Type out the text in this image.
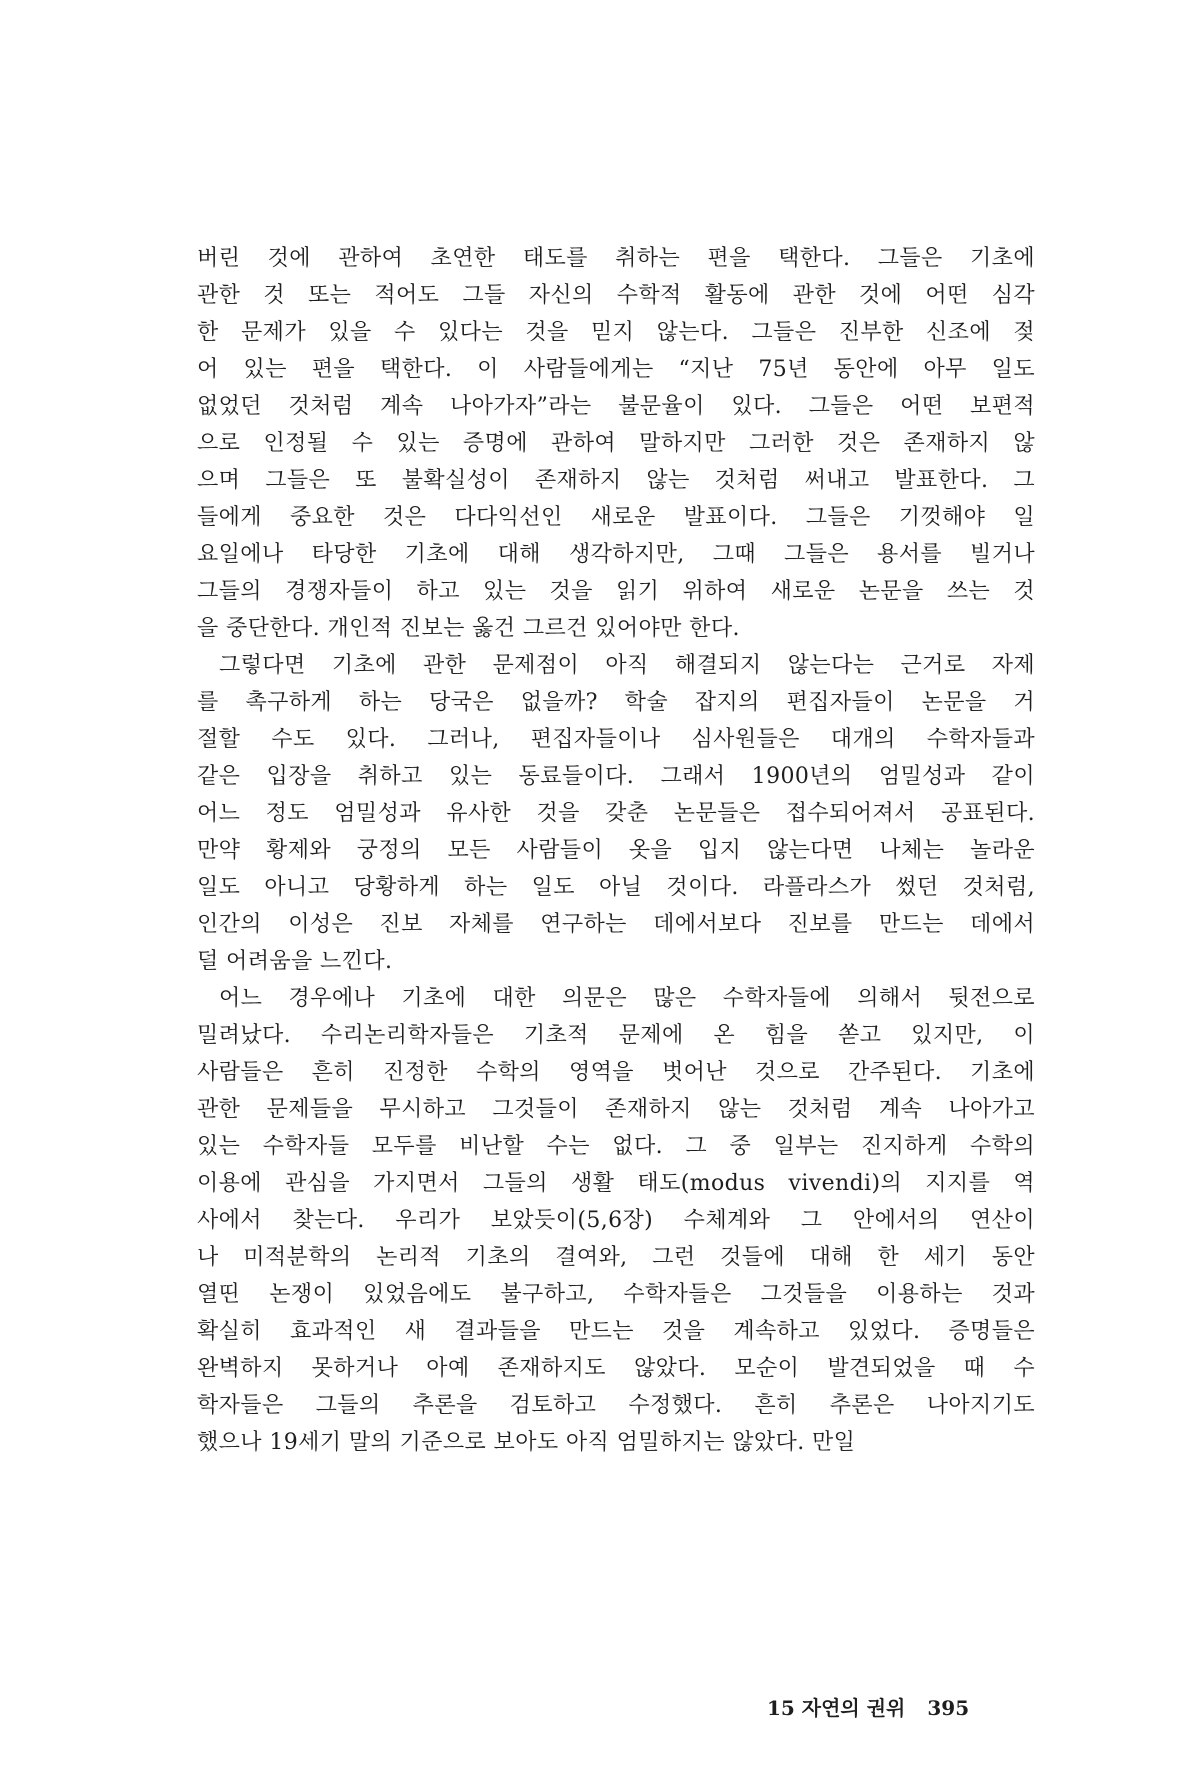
버린 것에 관하여 초연한 태도를 취하는 편을 택한다. 그들은 기초에
관한 것 또는 적어도 그들 자신의 수학적 활동에 관한 것에 어떤 심각
한 문제가 있을 수 있다는 것을 믿지 않는다. 그들은 진부한 신조에 젖
어 있는 편을 택한다. 이 사람들에게는 “지난 75년 동안에 아무 일도
없었던 것처럼 계속 나아가자”라는 불문율이 있다. 그들은 어떤 보편적
으로 인정될 수 있는 증명에 관하여 말하지만 그러한 것은 존재하지 않
으며 그들은 또 불확실성이 존재하지 않는 것처럼 써내고 발표한다. 그
들에게 중요한 것은 다다익선인 새로운 발표이다. 그들은 기껏해야 일
요일에나 타당한 기초에 대해 생각하지만, 그때 그들은 용서를 빌거나
그들의 경쟁자들이 하고 있는 것을 읽기 위하여 새로운 논문을 쓰는 것
을 중단한다. 개인적 진보는 옳건 그르건 있어야만 한다.
그렇다면 기초에 관한 문제점이 아직 해결되지 않는다는 근거로 자제
를 촉구하게 하는 당국은 없을까? 학술 잡지의 편집자들이 논문을 거
절할 수도 있다. 그러나, 편집자들이나 심사원들은 대개의 수학자들과
같은 입장을 취하고 있는 동료들이다. 그래서 1900년의 엄밀성과 같이
어느 정도 엄밀성과 유사한 것을 갖춘 논문들은 접수되어져서 공표된다.
만약 황제와 궁정의 모든 사람들이 옷을 입지 않는다면 나체는 놀라운
일도 아니고 당황하게 하는 일도 아닐 것이다. 라플라스가 썼던 것처럼,
인간의 이성은 진보 자체를 연구하는 데에서보다 진보를 만드는 데에서
덜 어려움을 느낀다.
어느 경우에나 기초에 대한 의문은 많은 수학자들에 의해서 뒷전으로
밀려났다. 수리논리학자들은 기초적 문제에 온 힘을 쏟고 있지만, 이
사람들은 흔히 진정한 수학의 영역을 벗어난 것으로 간주된다. 기초에
관한 문제들을 무시하고 그것들이 존재하지 않는 것처럼 계속 나아가고
있는 수학자들 모두를 비난할 수는 없다. 그 중 일부는 진지하게 수학의
이용에 관심을 가지면서 그들의 생활 태도(modus vivendi)의 지지를 역
사에서 찾는다. 우리가 보았듯이(5,6장) 수체계와 그 안에서의 연산이
나 미적분학의 논리적 기초의 결여와, 그런 것들에 대해 한 세기 동안
열띤 논쟁이 있었음에도 불구하고, 수학자들은 그것들을 이용하는 것과
확실히 효과적인 새 결과들을 만드는 것을 계속하고 있었다. 증명들은
완벽하지 못하거나 아예 존재하지도 않았다. 모순이 발견되었을 때 수
학자들은 그들의 추론을 검토하고 수정했다. 흔히 추론은 나아지기도
했으나 19세기 말의 기준으로 보아도 아직 엄밀하지는 않았다. 만일
15 자연의 권위 395
